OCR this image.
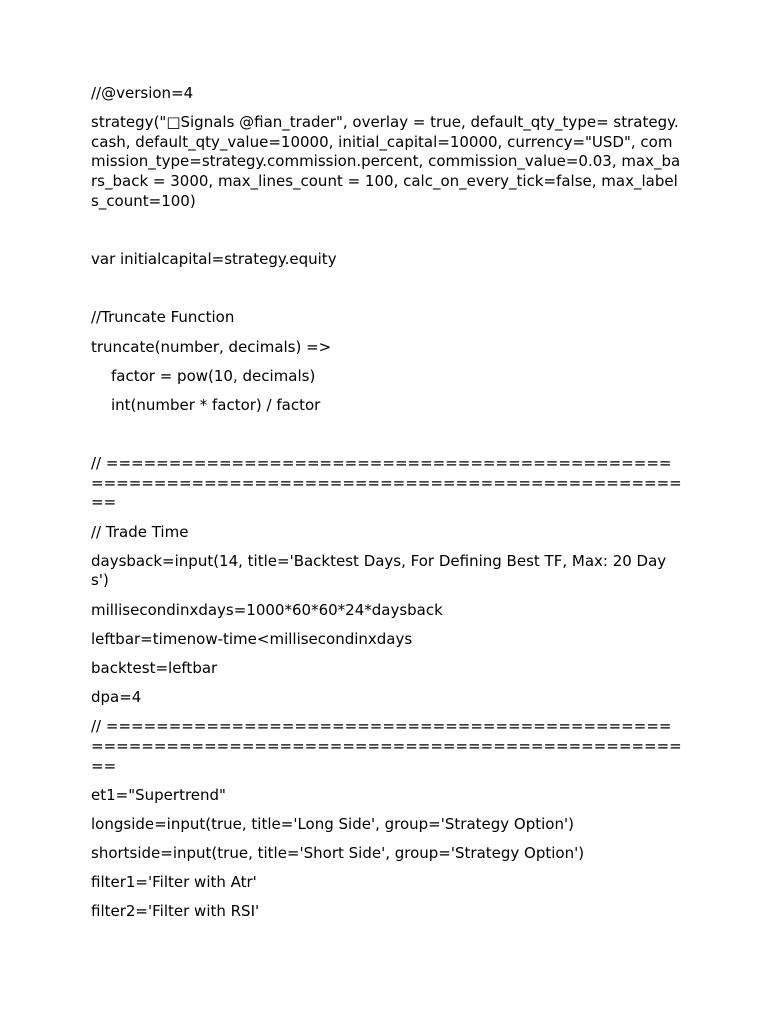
//@version=4
strategy("□Signals @fian_trader", overlay = true, default_qty_type= strategy.cash, default_qty_value=10000, initial_capital=10000, currency="USD", commission_type=strategy.commission.percent, commission_value=0.03, max_bars_back = 3000, max_lines_count = 100, calc_on_every_tick=false, max_labels_count=100)
var initialcapital=strategy.equity
//Truncate Function
truncate(number, decimals) =>
factor = pow(10, decimals)
int(number * factor) / factor
// ==============================================================================================
// Trade Time
daysback=input(14, title='Backtest Days, For Defining Best TF, Max: 20 Days')
millisecondinxdays=1000*60*60*24*daysback
leftbar=timenow-time<millisecondinxdays
backtest=leftbar
dpa=4
// ==============================================================================================
et1="Supertrend"
longside=input(true, title='Long Side', group='Strategy Option')
shortside=input(true, title='Short Side', group='Strategy Option')
filter1='Filter with Atr'
filter2='Filter with RSI'
